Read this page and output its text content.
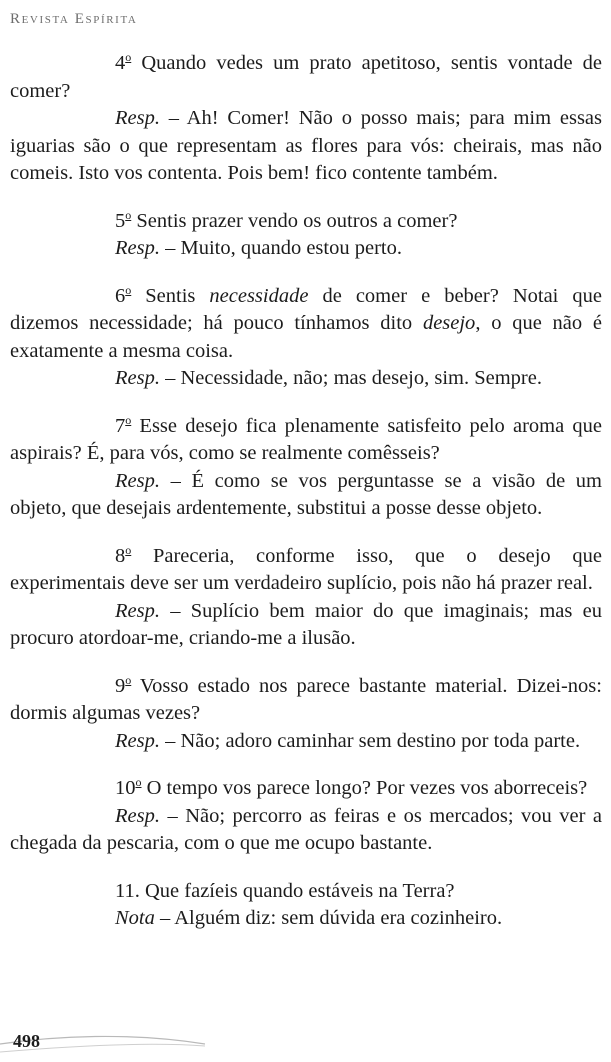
Revista Espírita

4$^o$ Quando vedes um prato apetitoso, sentis vontade de comer?

Resp. – Ah! Comer! Não o posso mais; para mim essas iguarias são o que representam as flores para vós: cheirais, mas não comeis. Isto vos contenta. Pois bem! fico contente também.

5$^o$ Sentis prazer vendo os outros a comer?

Resp. – Muito, quando estou perto.

6$^o$ Sentis necessidade de comer e beber? Notai que dizemos necessidade; há pouco tínhamos dito desejo, o que não é exatamente a mesma coisa.

Resp. – Necessidade, não; mas desejo, sim. Sempre.

7$^o$ Esse desejo fica plenamente satisfeito pelo aroma que aspirais? É, para vós, como se realmente comêsseis?

Resp. – É como se vos perguntasse se a visão de um objeto, que desejais ardentemente, substitui a posse desse objeto.

8$^o$ Pareceria, conforme isso, que o desejo que experimentais deve ser um verdadeiro suplício, pois não há prazer real.

Resp. – Suplício bem maior do que imaginais; mas eu procuro atordoar-me, criando-me a ilusão.

9$^o$ Vosso estado nos parece bastante material. Dizei-nos: dormis algumas vezes?

Resp. – Não; adoro caminhar sem destino por toda parte.

10$^o$ O tempo vos parece longo? Por vezes vos aborreceis?

Resp. – Não; percorro as feiras e os mercados; vou ver a chegada da pescaria, com o que me ocupo bastante.

11. Que fazíeis quando estáveis na Terra?

Nota – Alguém diz: sem dúvida era cozinheiro.

498
